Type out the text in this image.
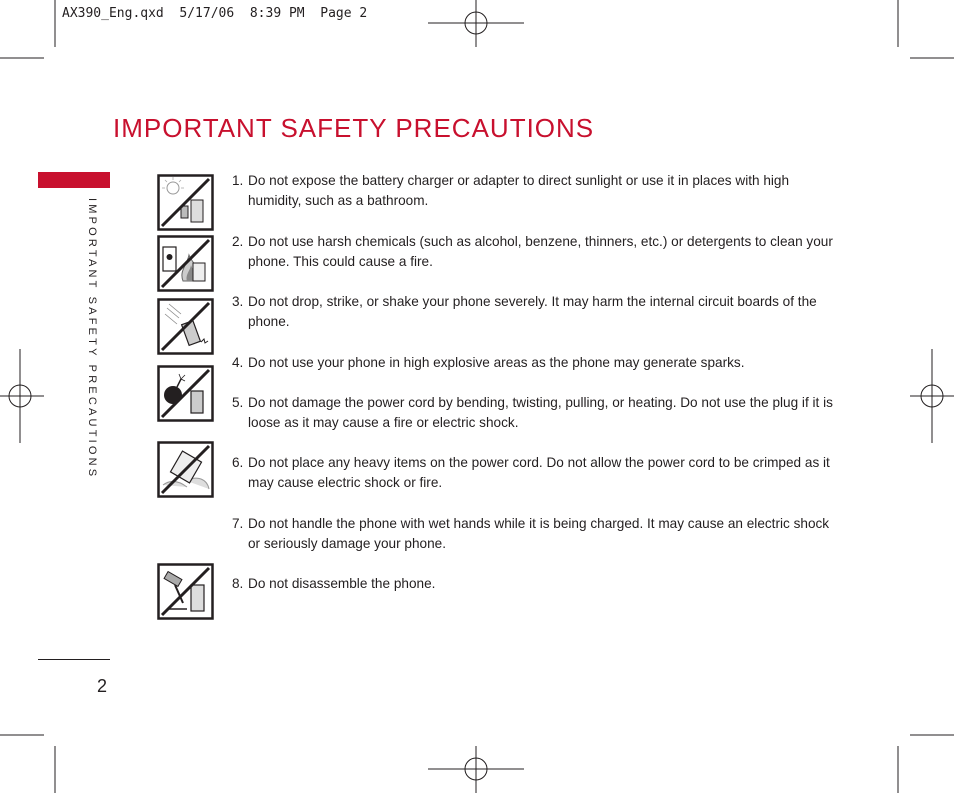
AX390_Eng.qxd  5/17/06  8:39 PM  Page 2
IMPORTANT SAFETY PRECAUTIONS
IMPORTANT SAFETY PRECAUTIONS
2
1. Do not expose the battery charger or adapter to direct sunlight or use it in places with high humidity, such as a bathroom.
2. Do not use harsh chemicals (such as alcohol, benzene, thinners, etc.) or detergents to clean your phone. This could cause a fire.
3. Do not drop, strike, or shake your phone severely. It may harm the internal circuit boards of the phone.
4. Do not use your phone in high explosive areas as the phone may generate sparks.
5. Do not damage the power cord by bending, twisting, pulling, or heating. Do not use the plug if it is loose as it may cause a fire or electric shock.
6. Do not place any heavy items on the power cord. Do not allow the power cord to be crimped as it may cause electric shock or fire.
7. Do not handle the phone with wet hands while it is being charged. It may cause an electric shock or seriously damage your phone.
8. Do not disassemble the phone.
